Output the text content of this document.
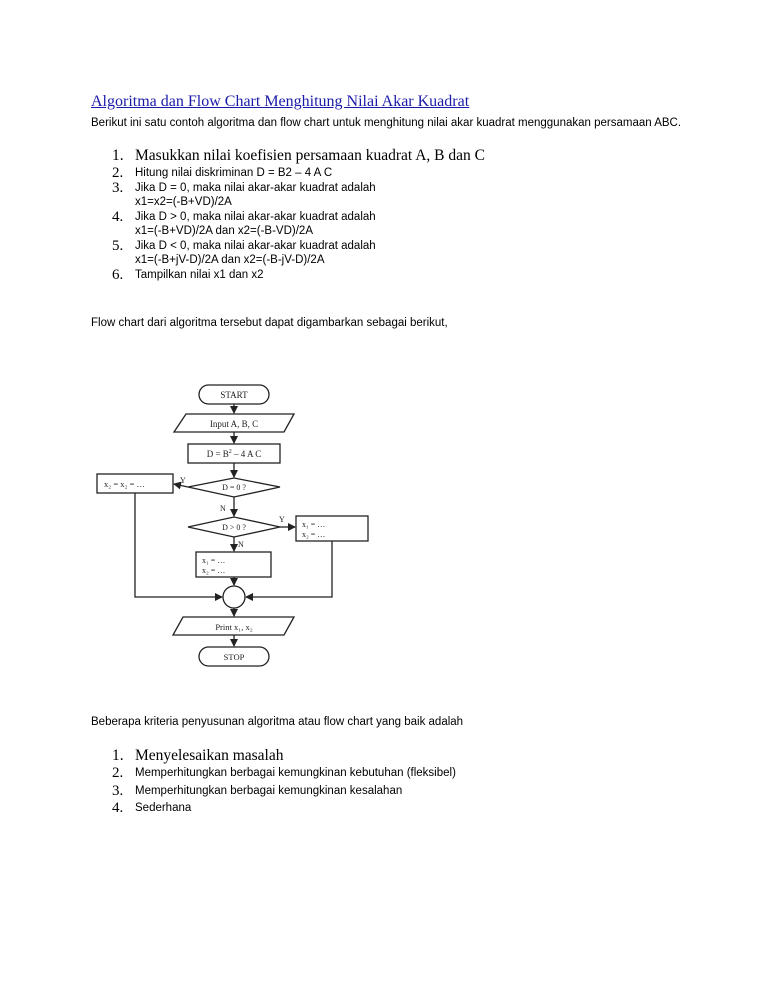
Algoritma dan Flow Chart Menghitung Nilai Akar Kuadrat
Berikut ini satu contoh algoritma dan flow chart untuk menghitung nilai akar kuadrat menggunakan persamaan ABC.
1. Masukkan nilai koefisien persamaan kuadrat A, B dan C
2. Hitung nilai diskriminan D = B2 – 4 A C
3. Jika D = 0, maka nilai akar-akar kuadrat adalah
x1=x2=(-B+VD)/2A
4. Jika D > 0, maka nilai akar-akar kuadrat adalah
x1=(-B+VD)/2A dan x2=(-B-VD)/2A
5. Jika D < 0, maka nilai akar-akar kuadrat adalah
x1=(-B+jV-D)/2A dan x2=(-B-jV-D)/2A
6. Tampilkan nilai x1 dan x2
Flow chart dari algoritma tersebut dapat digambarkan sebagai berikut,
START
Input A, B, C
$D = B^2 - 4$ A C
D = 0 ?
D > 0 ?
Y
N
Y
N
x₂ = x₂ = …
x₁ = …
x₂ = …
x₁ = …
x₂ = …
Print x₁, x₂
STOP
Beberapa kriteria penyusunan algoritma atau flow chart yang baik adalah
1. Menyelesaikan masalah
2. Memperhitungkan berbagai kemungkinan kebutuhan (fleksibel)
3. Memperhitungkan berbagai kemungkinan kesalahan
4. Sederhana
